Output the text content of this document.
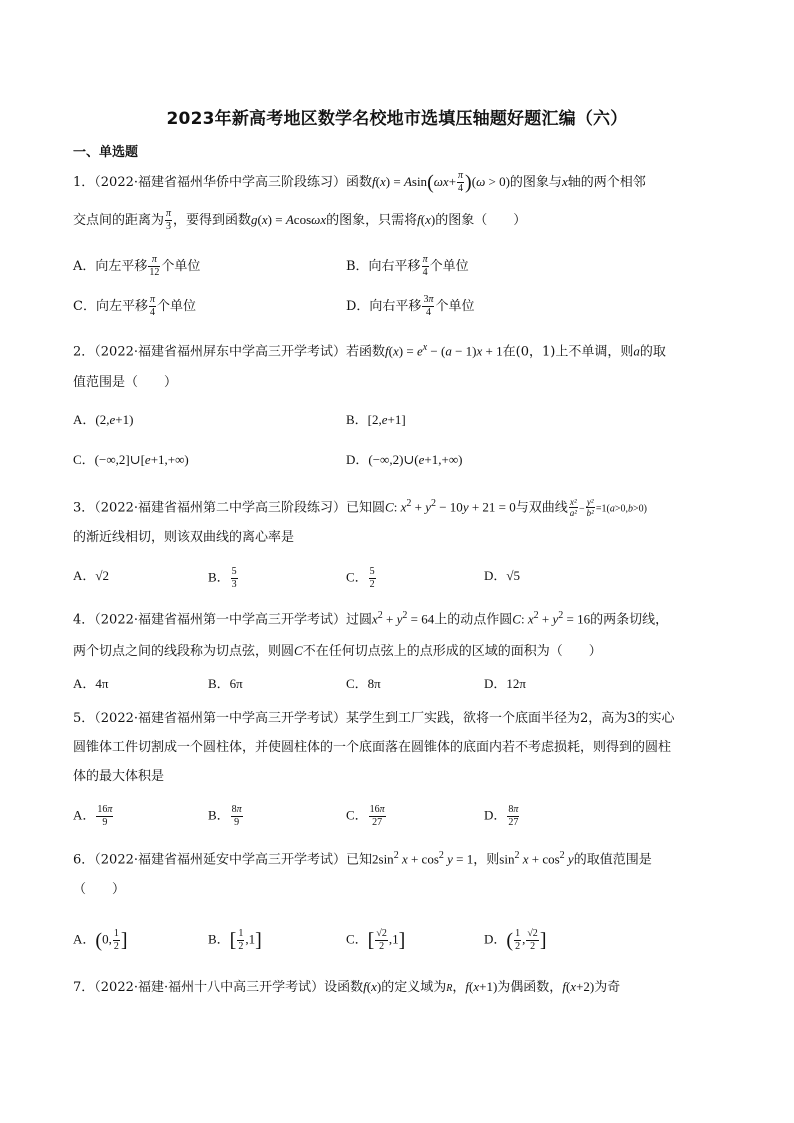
2023年新高考地区数学名校地市选填压轴题好题汇编（六）
一、单选题
1．（2022·福建省福州华侨中学高三阶段练习）函数$f(x) = Asin(\omega x+ \frac{\pi}{4} )(\omega > 0)$的图象与x轴的两个相邻
交点间的距离为 $\frac{\pi}{3}$ ，要得到函数g(x) = Acosωx的图象，只需将f(x)的图象（　　）
A．向左平移 $\frac{\pi}{12}$ 个单位	B．向右平移 $\frac{\pi}{4}$ 个单位
C．向左平移 $\frac{\pi}{4}$ 个单位	D．向右平移 $\frac{3\pi}{4}$ 个单位
2．（2022·福建省福州屏东中学高三开学考试）若函数$f(x) = e^x - (a - 1)x + 1$在(0，1)上不单调，则a的取
值范围是（　　）
A．(2,e+1)	B．[2,e+1]
C．(−∞,2]∪[e+1,+∞)	D．(−∞,2)∪(e+1,+∞)
3．（2022·福建省福州第二中学高三阶段练习）已知圆C: $x^2 + y^2 - 10y + 21 = 0$与双曲线 $\frac{\text{x²}}{\text{a²}} - \frac{\text{y²}}{\text{b²}} =1(a>0,b>0)$
的渐近线相切，则该双曲线的离心率是
A．√2	B． $\frac{5}{3}$	C． $\frac{5}{2}$	D．√5
4．（2022·福建省福州第一中学高三开学考试）过圆$x^2 + y^2 = 64$上的动点作圆C: $x^2 + y^2 = 16$的两条切线，
两个切点之间的线段称为切点弦，则圆C不在任何切点弦上的点形成的区域的面积为（　　）
A．4π	B．6π	C．8π	D．12π
5．（2022·福建省福州第一中学高三开学考试）某学生到工厂实践，欲将一个底面半径为2，高为3的实心
圆锥体工件切割成一个圆柱体，并使圆柱体的一个底面落在圆锥体的底面内若不考虑损耗，则得到的圆柱
体的最大体积是
A． $\frac{16\pi}{9}$	B． $\frac{8\pi}{9}$	C． $\frac{16\pi}{27}$	D． $\frac{8\pi}{27}$
6．（2022·福建省福州延安中学高三开学考试）已知$2\sin^2$ $x + \cos^2 y = 1$，则$\sin^2 x + \cos^2 y$的取值范围是
（　　）
A．(0, $\frac{1}{2}$ ]	B．[ $\frac{1}{2} ,1$]	C．[ $\frac{√2}{2} ,1$]	D．( $\frac{1}{2}$ , $\frac{√2}{2}$ ]
7．（2022·福建·福州十八中高三开学考试）设函数f(x)的定义域为R，f(x+1)为偶函数，f(x+2)为奇
